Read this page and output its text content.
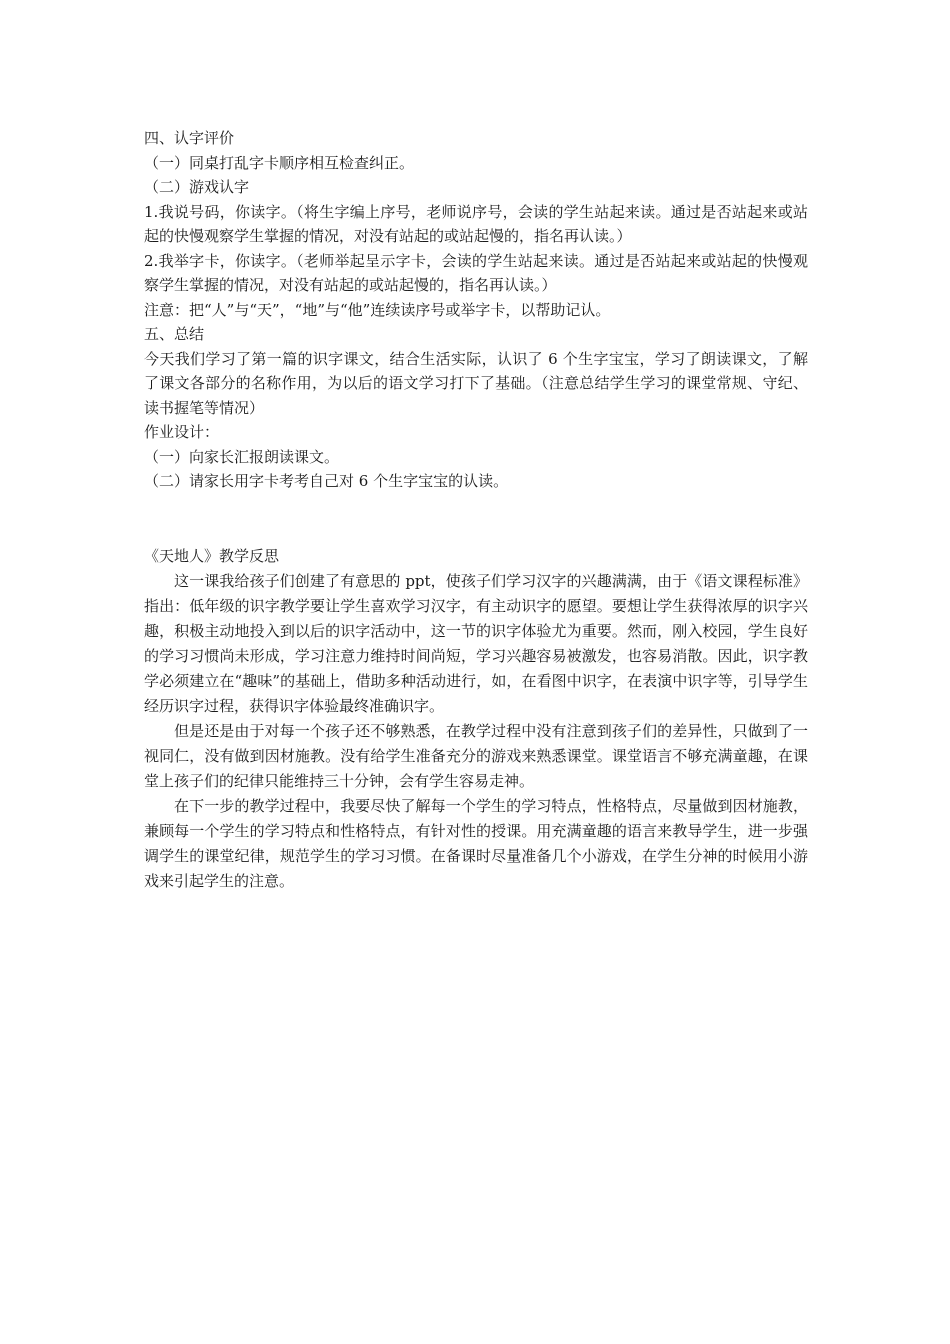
四、认字评价

（一）同桌打乱字卡顺序相互检查纠正。

（二）游戏认字

1.我说号码，你读字。（将生字编上序号，老师说序号，会读的学生站起来读。通过是否站起来或站起的快慢观察学生掌握的情况，对没有站起的或站起慢的，指名再认读。）

2.我举字卡，你读字。（老师举起呈示字卡，会读的学生站起来读。通过是否站起来或站起的快慢观察学生掌握的情况，对没有站起的或站起慢的，指名再认读。）

注意：把“人”与“天”，“地”与“他”连续读序号或举字卡，以帮助记认。

五、总结

今天我们学习了第一篇的识字课文，结合生活实际，认识了 6 个生字宝宝，学习了朗读课文，了解了课文各部分的名称作用，为以后的语文学习打下了基础。（注意总结学生学习的课堂常规、守纪、读书握笔等情况）

作业设计：

（一）向家长汇报朗读课文。

（二）请家长用字卡考考自己对 6 个生字宝宝的认读。

《天地人》教学反思

这一课我给孩子们创建了有意思的 ppt，使孩子们学习汉字的兴趣满满，由于《语文课程标准》指出：低年级的识字教学要让学生喜欢学习汉字，有主动识字的愿望。要想让学生获得浓厚的识字兴趣，积极主动地投入到以后的识字活动中，这一节的识字体验尤为重要。然而，刚入校园，学生良好的学习习惯尚未形成，学习注意力维持时间尚短，学习兴趣容易被激发，也容易消散。因此，识字教学必须建立在“趣味”的基础上，借助多种活动进行，如，在看图中识字，在表演中识字等，引导学生经历识字过程，获得识字体验最终准确识字。

但是还是由于对每一个孩子还不够熟悉，在教学过程中没有注意到孩子们的差异性，只做到了一视同仁，没有做到因材施教。没有给学生准备充分的游戏来熟悉课堂。课堂语言不够充满童趣，在课堂上孩子们的纪律只能维持三十分钟，会有学生容易走神。

在下一步的教学过程中，我要尽快了解每一个学生的学习特点，性格特点，尽量做到因材施教，兼顾每一个学生的学习特点和性格特点，有针对性的授课。用充满童趣的语言来教导学生，进一步强调学生的课堂纪律，规范学生的学习习惯。在备课时尽量准备几个小游戏，在学生分神的时候用小游戏来引起学生的注意。
